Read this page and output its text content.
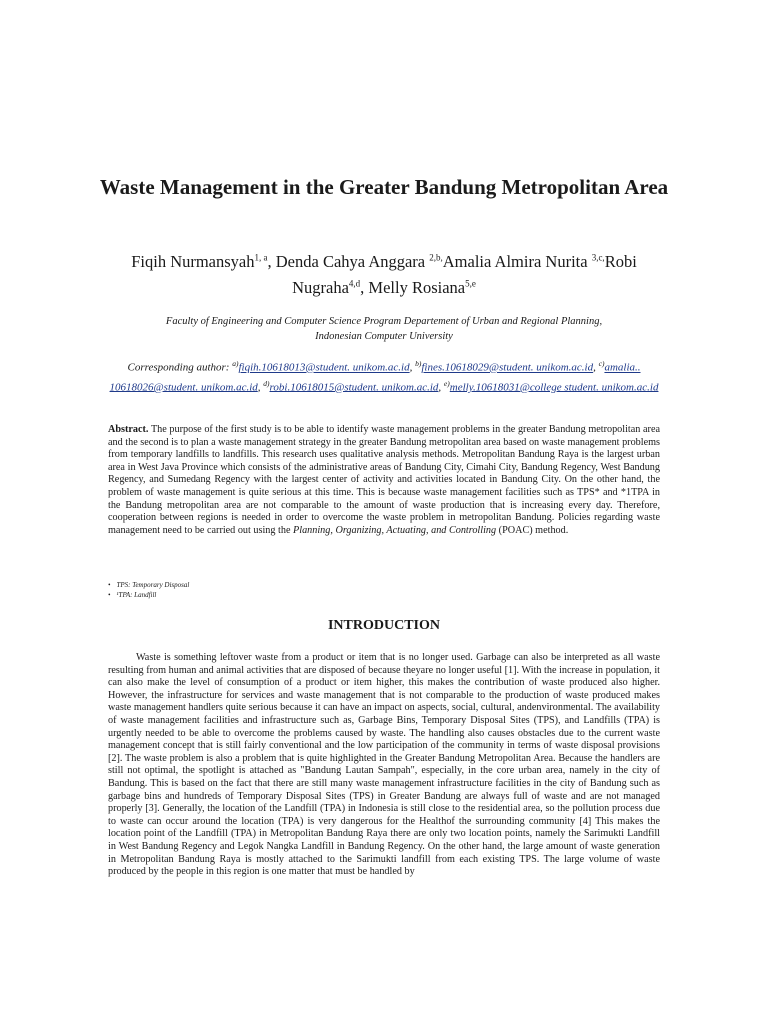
Waste Management in the Greater Bandung Metropolitan Area
Fiqih Nurmansyah$^{1, a}$, Denda Cahya Anggara $^{2,b,}$Amalia Almira Nurita $^{3,c,}$Robi Nugraha$^{4,d}$, Melly Rosiana$^{5,e}$
Faculty of Engineering and Computer Science Program Departement of Urban and Regional Planning,
Indonesian Computer University
Corresponding author: $^{a)}$fiqih.10618013@student. unikom.ac.id, $^{b)}$fines.10618029@student. unikom.ac.id, $^{c)}$amalia.. 10618026@student. unikom.ac.id, $^{d)}$robi.10618015@student. unikom.ac.id, $^{e)}$melly.10618031@college student. unikom.ac.id
Abstract. The purpose of the first study is to be able to identify waste management problems in the greater Bandung metropolitan area and the second is to plan a waste management strategy in the greater Bandung metropolitan area based on waste management problems from temporary landfills to landfills. This research uses qualitative analysis methods. Metropolitan Bandung Raya is the largest urban area in West Java Province which consists of the administrative areas of Bandung City, Cimahi City, Bandung Regency, West Bandung Regency, and Sumedang Regency with the largest center of activity and activities located in Bandung City. On the other hand, the problem of waste management is quite serious at this time. This is because waste management facilities such as TPS* and *1TPA in the Bandung metropolitan area are not comparable to the amount of waste production that is increasing every day. Therefore, cooperation between regions is needed in order to overcome the waste problem in metropolitan Bandung. Policies regarding waste management need to be carried out using the Planning, Organizing, Actuating, and Controlling (POAC) method.
• TPS: Temporary Disposal
• ¹TPA: Landfill
INTRODUCTION
Waste is something leftover waste from a product or item that is no longer used. Garbage can also be interpreted as all waste resulting from human and animal activities that are disposed of because theyare no longer useful [1]. With the increase in population, it can also make the level of consumption of a product or item higher, this makes the contribution of waste produced also higher. However, the infrastructure for services and waste management that is not comparable to the production of waste produced makes waste management handlers quite serious because it can have an impact on aspects, social, cultural, andenvironmental. The availability of waste management facilities and infrastructure such as, Garbage Bins, Temporary Disposal Sites (TPS), and Landfills (TPA) is urgently needed to be able to overcome the problems caused by waste. The handling also causes obstacles due to the current waste management concept that is still fairly conventional and the low participation of the community in terms of waste disposal provisions [2]. The waste problem is also a problem that is quite highlighted in the Greater Bandung Metropolitan Area. Because the handlers are still not optimal, the spotlight is attached as "Bandung Lautan Sampah", especially, in the core urban area, namely in the city of Bandung. This is based on the fact that there are still many waste management infrastructure facilities in the city of Bandung such as garbage bins and hundreds of Temporary Disposal Sites (TPS) in Greater Bandung are always full of waste and are not managed properly [3]. Generally, the location of the Landfill (TPA) in Indonesia is still close to the residential area, so the pollution process due to waste can occur around the location (TPA) is very dangerous for the Healthof the surrounding community [4] This makes the location point of the Landfill (TPA) in Metropolitan Bandung Raya there are only two location points, namely the Sarimukti Landfill in West Bandung Regency and Legok Nangka Landfill in Bandung Regency. On the other hand, the large amount of waste generation in Metropolitan Bandung Raya is mostly attached to the Sarimukti landfill from each existing TPS. The large volume of waste produced by the people in this region is one matter that must be handled by
